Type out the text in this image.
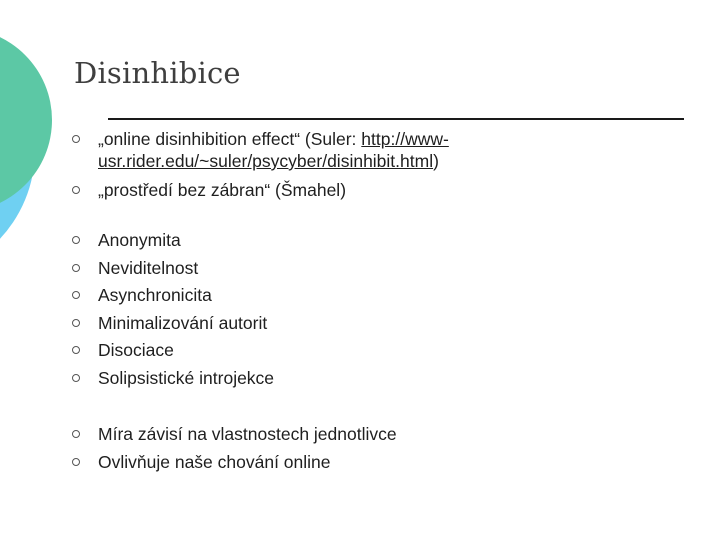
Disinhibice
„online disinhibition effect“ (Suler: http://www-
usr.rider.edu/~suler/psycyber/disinhibit.html)
„prostředí bez zábran“ (Šmahel)
Anonymita
Neviditelnost
Asynchronicita
Minimalizování autorit
Disociace
Solipsistické introjekce
Míra závisí na vlastnostech jednotlivce
Ovlivňuje naše chování online
